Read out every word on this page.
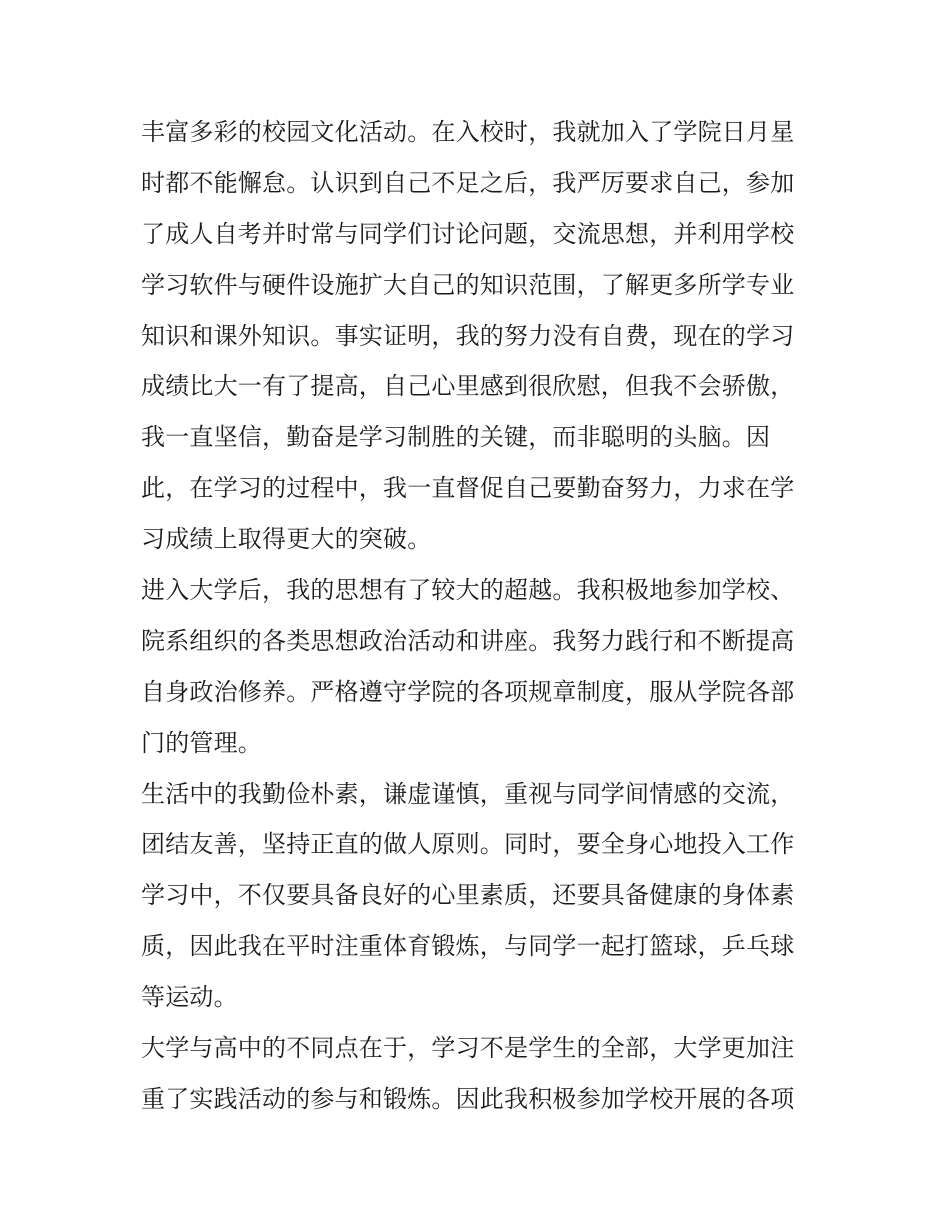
丰富多彩的校园文化活动。在入校时，我就加入了学院日月星
时都不能懈怠。认识到自己不足之后，我严厉要求自己，参加
了成人自考并时常与同学们讨论问题，交流思想，并利用学校
学习软件与硬件设施扩大自己的知识范围，了解更多所学专业
知识和课外知识。事实证明，我的努力没有自费，现在的学习
成绩比大一有了提高，自己心里感到很欣慰，但我不会骄傲，
我一直坚信，勤奋是学习制胜的关键，而非聪明的头脑。因
此，在学习的过程中，我一直督促自己要勤奋努力，力求在学
习成绩上取得更大的突破。
进入大学后，我的思想有了较大的超越。我积极地参加学校、
院系组织的各类思想政治活动和讲座。我努力践行和不断提高
自身政治修养。严格遵守学院的各项规章制度，服从学院各部
门的管理。
生活中的我勤俭朴素，谦虚谨慎，重视与同学间情感的交流，
团结友善，坚持正直的做人原则。同时，要全身心地投入工作
学习中，不仅要具备良好的心里素质，还要具备健康的身体素
质，因此我在平时注重体育锻炼，与同学一起打篮球，乒乓球
等运动。
大学与高中的不同点在于，学习不是学生的全部，大学更加注
重了实践活动的参与和锻炼。因此我积极参加学校开展的各项
